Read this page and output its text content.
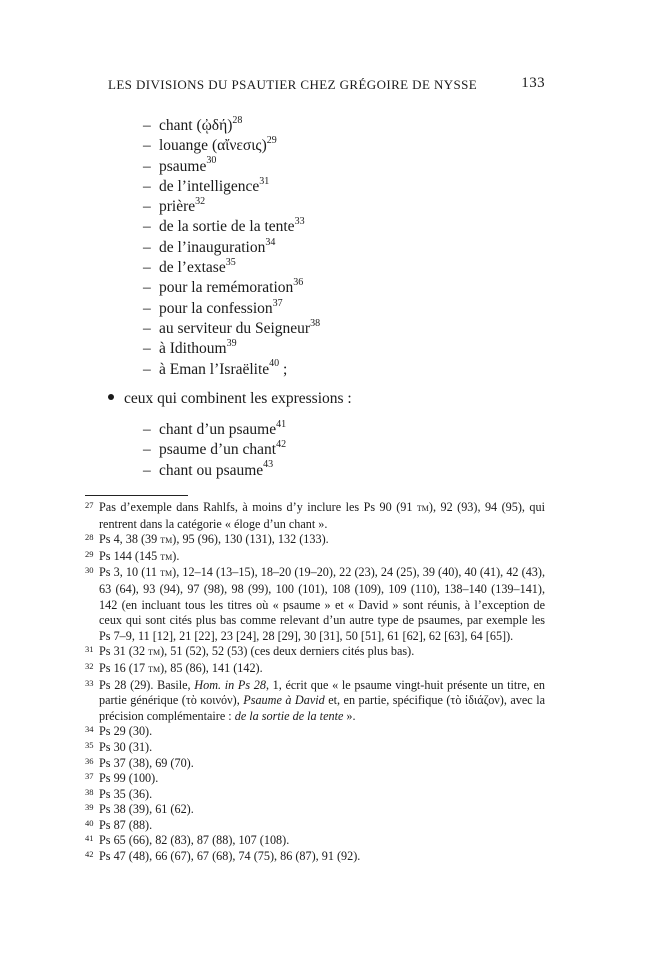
LES DIVISIONS DU PSAUTIER CHEZ GRÉGOIRE DE NYSSE	133
– chant (ᾠδή)$^{28}$
– louange (αἴνεσις)$^{29}$
– psaume$^{30}$
– de l’intelligence$^{31}$
– prière$^{32}$
– de la sortie de la tente$^{33}$
– de l’inauguration$^{34}$
– de l’extase$^{35}$
– pour la remémoration$^{36}$
– pour la confession$^{37}$
– au serviteur du Seigneur$^{38}$
– à Idithoum$^{39}$
– à Eman l’Israëlite$^{40}$ ;
ceux qui combinent les expressions :
– chant d’un psaume$^{41}$
– psaume d’un chant$^{42}$
– chant ou psaume$^{43}$
27 Pas d’exemple dans Rahlfs, à moins d’y inclure les Ps 90 (91 tm), 92 (93), 94 (95), qui rentrent dans la catégorie « éloge d’un chant ».
28 Ps 4, 38 (39 tm), 95 (96), 130 (131), 132 (133).
29 Ps 144 (145 tm).
30 Ps 3, 10 (11 tm), 12–14 (13–15), 18–20 (19–20), 22 (23), 24 (25), 39 (40), 40 (41), 42 (43), 63 (64), 93 (94), 97 (98), 98 (99), 100 (101), 108 (109), 109 (110), 138–140 (139–141), 142 (en incluant tous les titres où « psaume » et « David » sont réunis, à l’exception de ceux qui sont cités plus bas comme relevant d’un autre type de psaumes, par exemple les Ps 7–9, 11 [12], 21 [22], 23 [24], 28 [29], 30 [31], 50 [51], 61 [62], 62 [63], 64 [65]).
31 Ps 31 (32 tm), 51 (52), 52 (53) (ces deux derniers cités plus bas).
32 Ps 16 (17 tm), 85 (86), 141 (142).
33 Ps 28 (29). Basile, Hom. in Ps 28, 1, écrit que « le psaume vingt-huit présente un titre, en partie générique (τὸ κοινόν), Psaume à David et, en partie, spécifique (τὸ ἰδιάζον), avec la précision complémentaire : de la sortie de la tente ».
34 Ps 29 (30).
35 Ps 30 (31).
36 Ps 37 (38), 69 (70).
37 Ps 99 (100).
38 Ps 35 (36).
39 Ps 38 (39), 61 (62).
40 Ps 87 (88).
41 Ps 65 (66), 82 (83), 87 (88), 107 (108).
42 Ps 47 (48), 66 (67), 67 (68), 74 (75), 86 (87), 91 (92).
